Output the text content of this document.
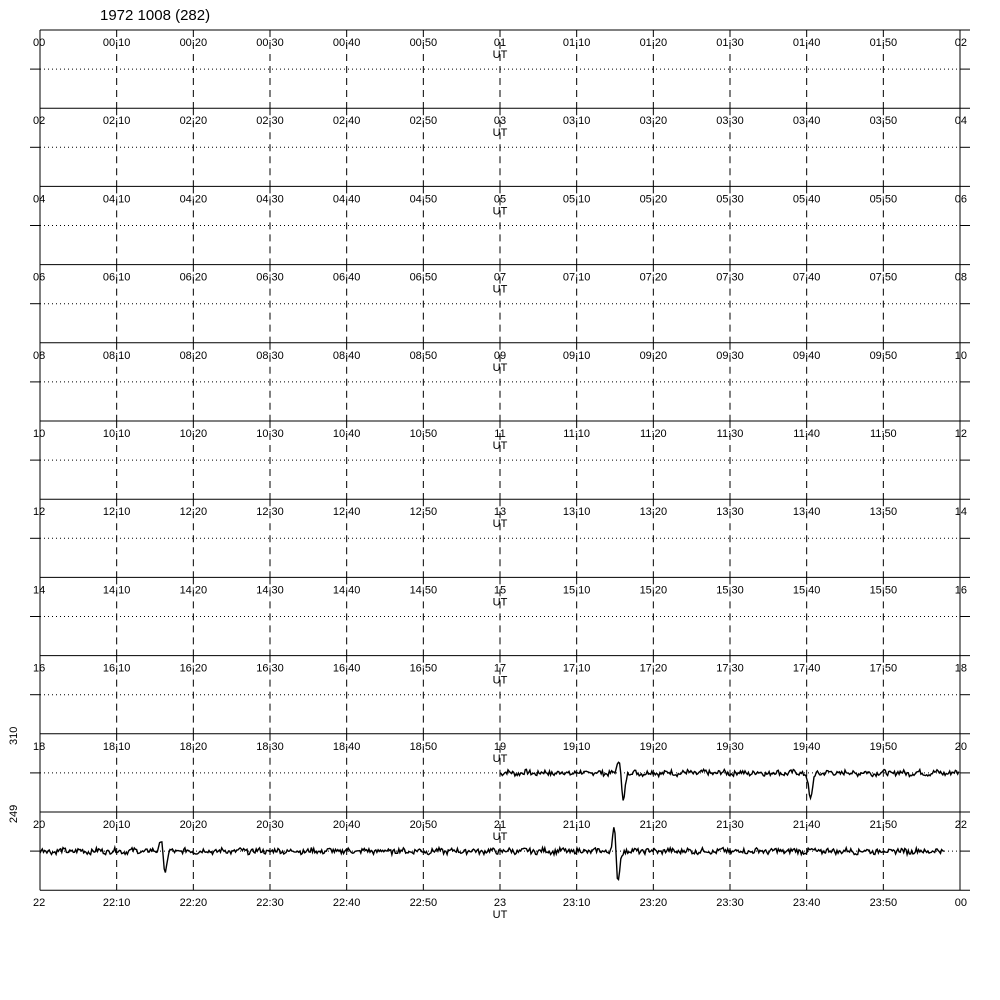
1972 1008 (282)
00	00:10	00:20	00:30	00:40	00:50	01	01:10	01:20	01:30	01:40	01:50	02
UT
02	02:10	02:20	02:30	02:40	02:50	03	03:10	03:20	03:30	03:40	03:50	04
UT
04	04:10	04:20	04:30	04:40	04:50	05	05:10	05:20	05:30	05:40	05:50	06
UT
06	06:10	06:20	06:30	06:40	06:50	07	07:10	07:20	07:30	07:40	07:50	08
UT
08	08:10	08:20	08:30	08:40	08:50	09	09:10	09:20	09:30	09:40	09:50	10
UT
10	10:10	10:20	10:30	10:40	10:50	11	11:10	11:20	11:30	11:40	11:50	12
UT
12	12:10	12:20	12:30	12:40	12:50	13	13:10	13:20	13:30	13:40	13:50	14
UT
14	14:10	14:20	14:30	14:40	14:50	15	15:10	15:20	15:30	15:40	15:50	16
UT
16	16:10	16:20	16:30	16:40	16:50	17	17:10	17:20	17:30	17:40	17:50	18
UT
18	18:10	18:20	18:30	18:40	18:50	19	19:10	19:20	19:30	19:40	19:50	20
UT
20	20:10	20:20	20:30	20:40	20:50	21	21:10	21:20	21:30	21:40	21:50	22
UT
22	22:10	22:20	22:30	22:40	22:50	23	23:10	23:20	23:30	23:40	23:50	00
UT
310
249
